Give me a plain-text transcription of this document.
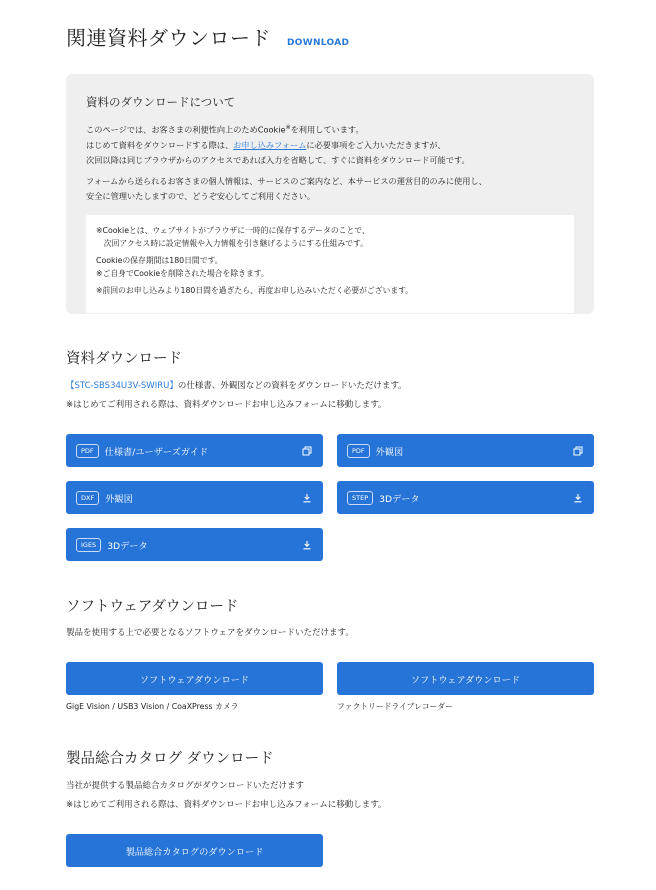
関連資料ダウンロード DOWNLOAD

資料のダウンロードについて

このページでは、お客さまの利便性向上のためCookie※を利用しています。
はじめて資料をダウンロードする際は、お申し込みフォームに必要事項をご入力いただきますが、
次回以降は同じブラウザからのアクセスであれば入力を省略して、すぐに資料をダウンロード可能です。

フォームから送られるお客さまの個人情報は、サービスのご案内など、本サービスの運営目的のみに使用し、
安全に管理いたしますので、どうぞ安心してご利用ください。

※Cookieとは、ウェブサイトがブラウザに一時的に保存するデータのことで、
　次回アクセス時に設定情報や入力情報を引き継げるようにする仕組みです。

Cookieの保存期間は180日間です。
※ご自身でCookieを削除された場合を除きます。

※前回のお申し込みより180日間を過ぎたら、再度お申し込みいただく必要がございます。

資料ダウンロード
【STC-SBS34U3V-SWIRU】の仕様書、外観図などの資料をダウンロードいただけます。
※はじめてご利用される際は、資料ダウンロードお申し込みフォームに移動します。
PDF	仕様書/ユーザーズガイド	PDF	外観図
DXF	外観図	STEP	3Dデータ
IGES	3Dデータ
ソフトウェアダウンロード
製品を使用する上で必要となるソフトウェアをダウンロードいただけます。
ソフトウェアダウンロード
GigE Vision / USB3 Vision / CoaXPress カメラ
ソフトウェアダウンロード
ファクトリードライブレコーダー
製品総合カタログ ダウンロード
当社が提供する製品総合カタログがダウンロードいただけます
※はじめてご利用される際は、資料ダウンロードお申し込みフォームに移動します。
製品総合カタログのダウンロード
